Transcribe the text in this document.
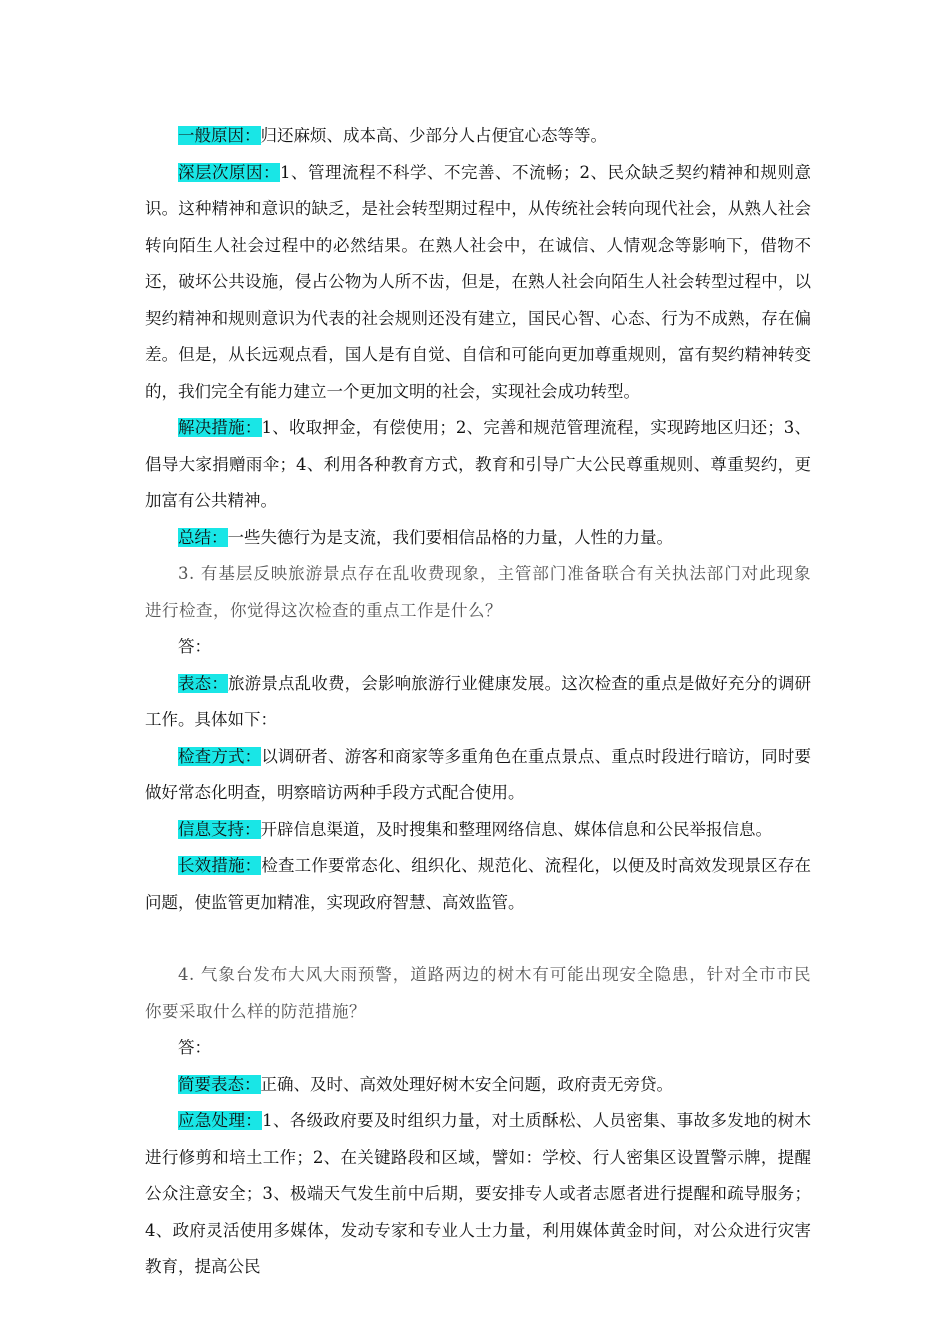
一般原因：归还麻烦、成本高、少部分人占便宜心态等等。

深层次原因：1、管理流程不科学、不完善、不流畅；2、民众缺乏契约精神和规则意识。这种精神和意识的缺乏，是社会转型期过程中，从传统社会转向现代社会，从熟人社会转向陌生人社会过程中的必然结果。在熟人社会中，在诚信、人情观念等影响下，借物不还，破坏公共设施，侵占公物为人所不齿，但是，在熟人社会向陌生人社会转型过程中，以契约精神和规则意识为代表的社会规则还没有建立，国民心智、心态、行为不成熟，存在偏差。但是，从长远观点看，国人是有自觉、自信和可能向更加尊重规则，富有契约精神转变的，我们完全有能力建立一个更加文明的社会，实现社会成功转型。

解决措施：1、收取押金，有偿使用；2、完善和规范管理流程，实现跨地区归还；3、倡导大家捐赠雨伞；4、利用各种教育方式，教育和引导广大公民尊重规则、尊重契约，更加富有公共精神。

总结：一些失德行为是支流，我们要相信品格的力量，人性的力量。

3. 有基层反映旅游景点存在乱收费现象，主管部门准备联合有关执法部门对此现象进行检查，你觉得这次检查的重点工作是什么？

答：

表态：旅游景点乱收费，会影响旅游行业健康发展。这次检查的重点是做好充分的调研工作。具体如下：

检查方式：以调研者、游客和商家等多重角色在重点景点、重点时段进行暗访，同时要做好常态化明查，明察暗访两种手段方式配合使用。

信息支持：开辟信息渠道，及时搜集和整理网络信息、媒体信息和公民举报信息。

长效措施：检查工作要常态化、组织化、规范化、流程化，以便及时高效发现景区存在问题，使监管更加精准，实现政府智慧、高效监管。

4. 气象台发布大风大雨预警，道路两边的树木有可能出现安全隐患，针对全市市民你要采取什么样的防范措施？

答：

简要表态：正确、及时、高效处理好树木安全问题，政府责无旁贷。

应急处理：1、各级政府要及时组织力量，对土质酥松、人员密集、事故多发地的树木进行修剪和培土工作；2、在关键路段和区域，譬如：学校、行人密集区设置警示牌，提醒公众注意安全；3、极端天气发生前中后期，要安排专人或者志愿者进行提醒和疏导服务；4、政府灵活使用多媒体，发动专家和专业人士力量，利用媒体黄金时间，对公众进行灾害教育，提高公民
